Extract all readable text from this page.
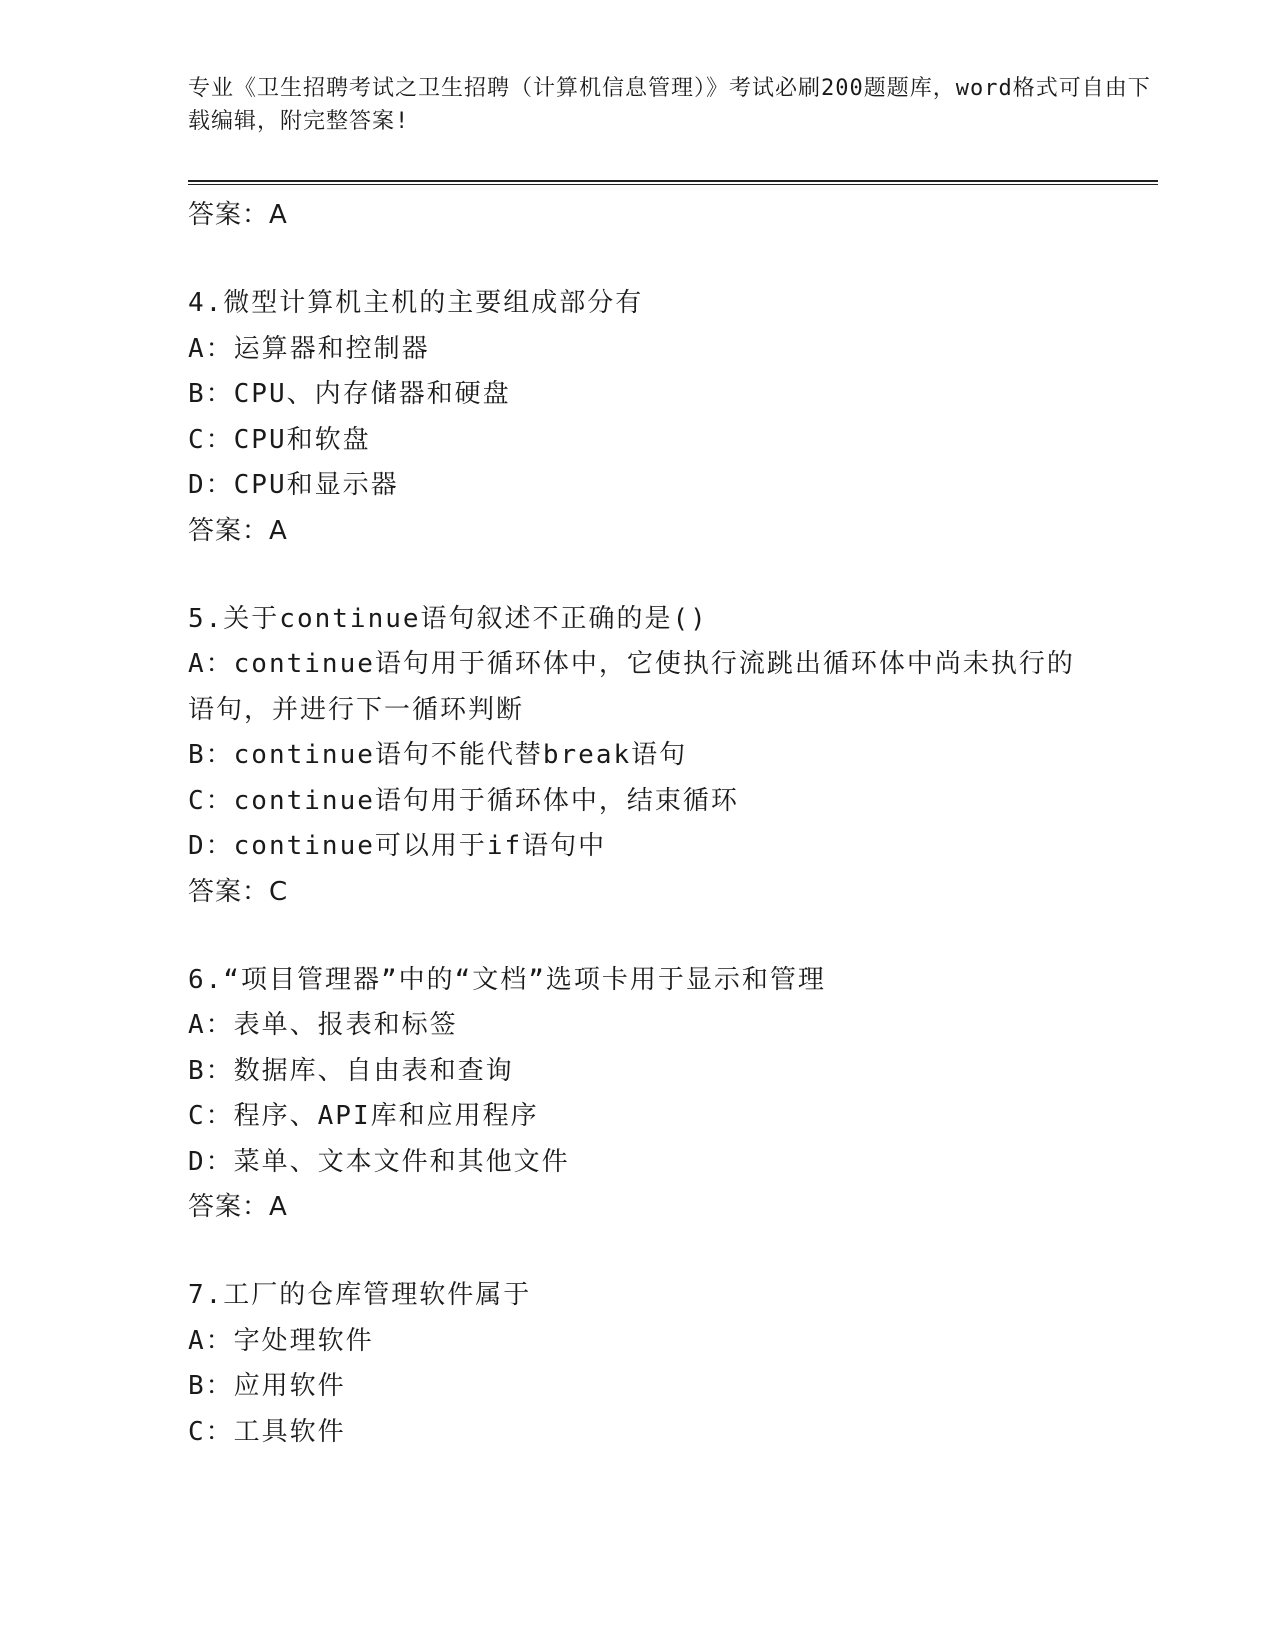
专业《卫生招聘考试之卫生招聘（计算机信息管理）》考试必刷200题题库，word格式可自由下载编辑，附完整答案!

答案：A

4.微型计算机主机的主要组成部分有

A：运算器和控制器

B：CPU、内存储器和硬盘

C：CPU和软盘

D：CPU和显示器

答案：A

5.关于continue语句叙述不正确的是()

A：continue语句用于循环体中，它使执行流跳出循环体中尚未执行的语句，并进行下一循环判断

B：continue语句不能代替break语句

C：continue语句用于循环体中，结束循环

D：continue可以用于if语句中

答案：C

6.“项目管理器”中的“文档”选项卡用于显示和管理

A：表单、报表和标签

B：数据库、自由表和查询

C：程序、API库和应用程序

D：菜单、文本文件和其他文件

答案：A

7.工厂的仓库管理软件属于

A：字处理软件

B：应用软件

C：工具软件
